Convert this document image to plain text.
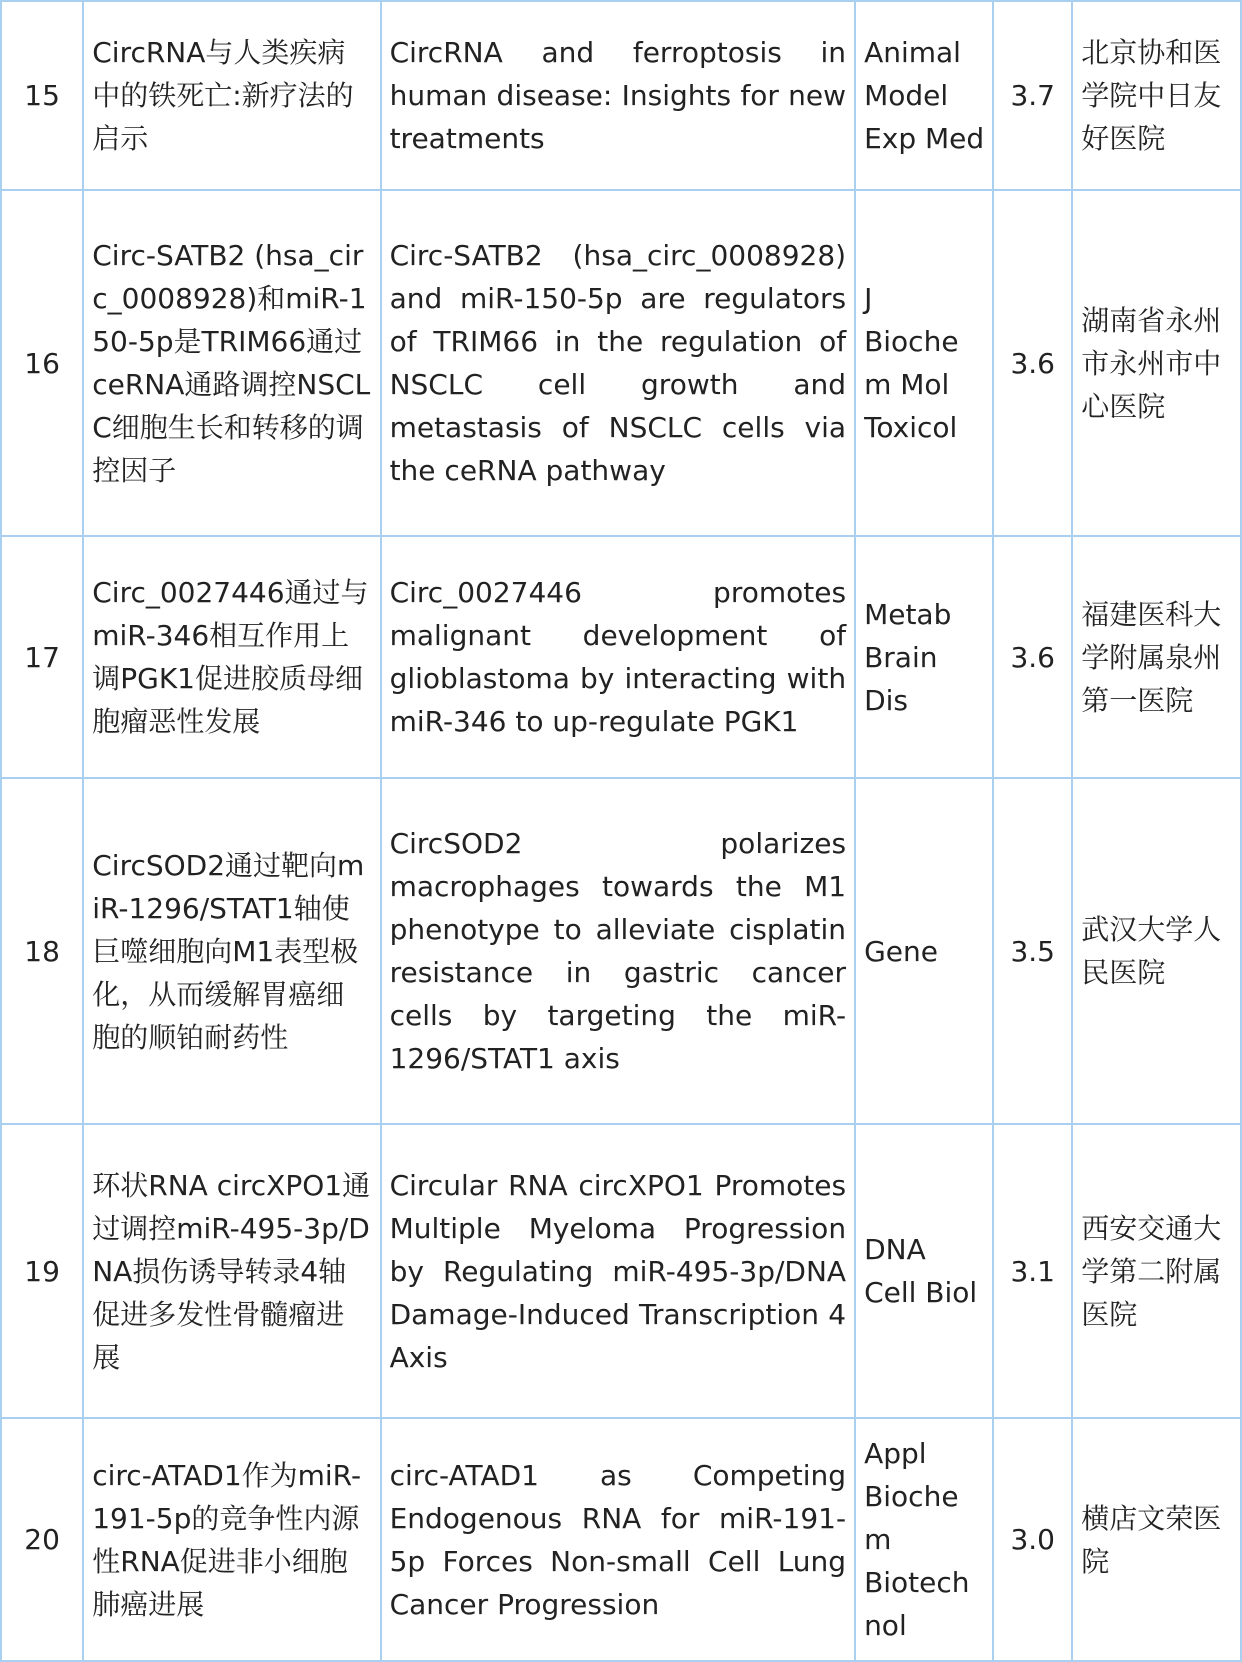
15	CircRNA与人类疾病中的铁死亡:新疗法的启示	CircRNA and ferroptosis in human disease: Insights for new treatments	Animal Model Exp Med	3.7	北京协和医学院中日友好医院
16	Circ-SATB2 (hsa_circ_0008928)和miR-150-5p是TRIM66通过ceRNA通路调控NSCLC细胞生长和转移的调控因子	Circ-SATB2 (hsa_circ_0008928) and miR-150-5p are regulators of TRIM66 in the regulation of NSCLC cell growth and metastasis of NSCLC cells via the ceRNA pathway	J Biochem Mol Toxicol	3.6	湖南省永州市永州市中心医院
17	Circ_0027446通过与miR-346相互作用上调PGK1促进胶质母细胞瘤恶性发展	Circ_0027446 promotes malignant development of glioblastoma by interacting with miR-346 to up-regulate PGK1	Metab Brain Dis	3.6	福建医科大学附属泉州第一医院
18	CircSOD2通过靶向miR-1296/STAT1轴使巨噬细胞向M1表型极化，从而缓解胃癌细胞的顺铂耐药性	CircSOD2 polarizes macrophages towards the M1 phenotype to alleviate cisplatin resistance in gastric cancer cells by targeting the miR-1296/STAT1 axis	Gene	3.5	武汉大学人民医院
19	环状RNA circXPO1通过调控miR-495-3p/DNA损伤诱导转录4轴促进多发性骨髓瘤进展	Circular RNA circXPO1 Promotes Multiple Myeloma Progression by Regulating miR-495-3p/DNA Damage-Induced Transcription 4 Axis	DNA Cell Biol	3.1	西安交通大学第二附属医院
20	circ-ATAD1作为miR-191-5p的竞争性内源性RNA促进非小细胞肺癌进展	circ-ATAD1 as Competing Endogenous RNA for miR-191-5p Forces Non-small Cell Lung Cancer Progression	Appl Biochem Biotechnol	3.0	横店文荣医院
